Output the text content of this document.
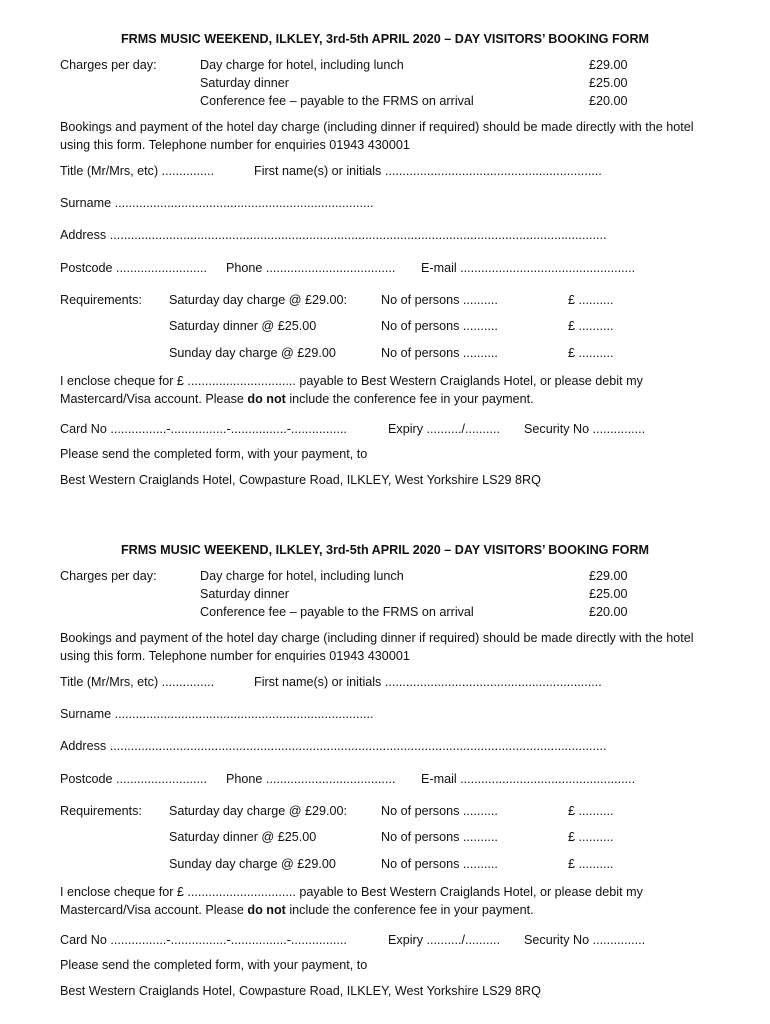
FRMS MUSIC WEEKEND, ILKLEY, 3rd-5th APRIL 2020 – DAY VISITORS’ BOOKING FORM
Charges per day:	Day charge for hotel, including lunch	£29.00
Saturday dinner	£25.00
Conference fee – payable to the FRMS on arrival	£20.00
Bookings and payment of the hotel day charge (including dinner if required) should be made directly with the hotel using this form. Telephone number for enquiries 01943 430001
Title (Mr/Mrs, etc) ...............	First name(s) or initials ..............................................................
Surname ..........................................................................
Address ..............................................................................................................................................
Postcode .......................... Phone ..................................... E-mail ..................................................
Requirements: Saturday day charge @ £29.00:	No of persons ..........	£ ..........
Saturday dinner @ £25.00	No of persons ..........	£ ..........
Sunday day charge @ £29.00	No of persons ..........	£ ..........
I enclose cheque for £ ............................... payable to Best Western Craiglands Hotel, or please debit my Mastercard/Visa account. Please do not include the conference fee in your payment.
Card No ................-................-................-................	Expiry ........../.......... Security No ...............
Please send the completed form, with your payment, to
Best Western Craiglands Hotel, Cowpasture Road, ILKLEY, West Yorkshire LS29 8RQ
FRMS MUSIC WEEKEND, ILKLEY, 3rd-5th APRIL 2020 – DAY VISITORS’ BOOKING FORM
Charges per day:	Day charge for hotel, including lunch	£29.00
Saturday dinner	£25.00
Conference fee – payable to the FRMS on arrival	£20.00
Bookings and payment of the hotel day charge (including dinner if required) should be made directly with the hotel using this form. Telephone number for enquiries 01943 430001
Title (Mr/Mrs, etc) ...............	First name(s) or initials ..............................................................
Surname ..........................................................................
Address ..............................................................................................................................................
Postcode .......................... Phone ..................................... E-mail ..................................................
Requirements: Saturday day charge @ £29.00:	No of persons ..........	£ ..........
Saturday dinner @ £25.00	No of persons ..........	£ ..........
Sunday day charge @ £29.00	No of persons ..........	£ ..........
I enclose cheque for £ ............................... payable to Best Western Craiglands Hotel, or please debit my Mastercard/Visa account. Please do not include the conference fee in your payment.
Card No ................-................-................-................	Expiry ........../.......... Security No ...............
Please send the completed form, with your payment, to
Best Western Craiglands Hotel, Cowpasture Road, ILKLEY, West Yorkshire LS29 8RQ
